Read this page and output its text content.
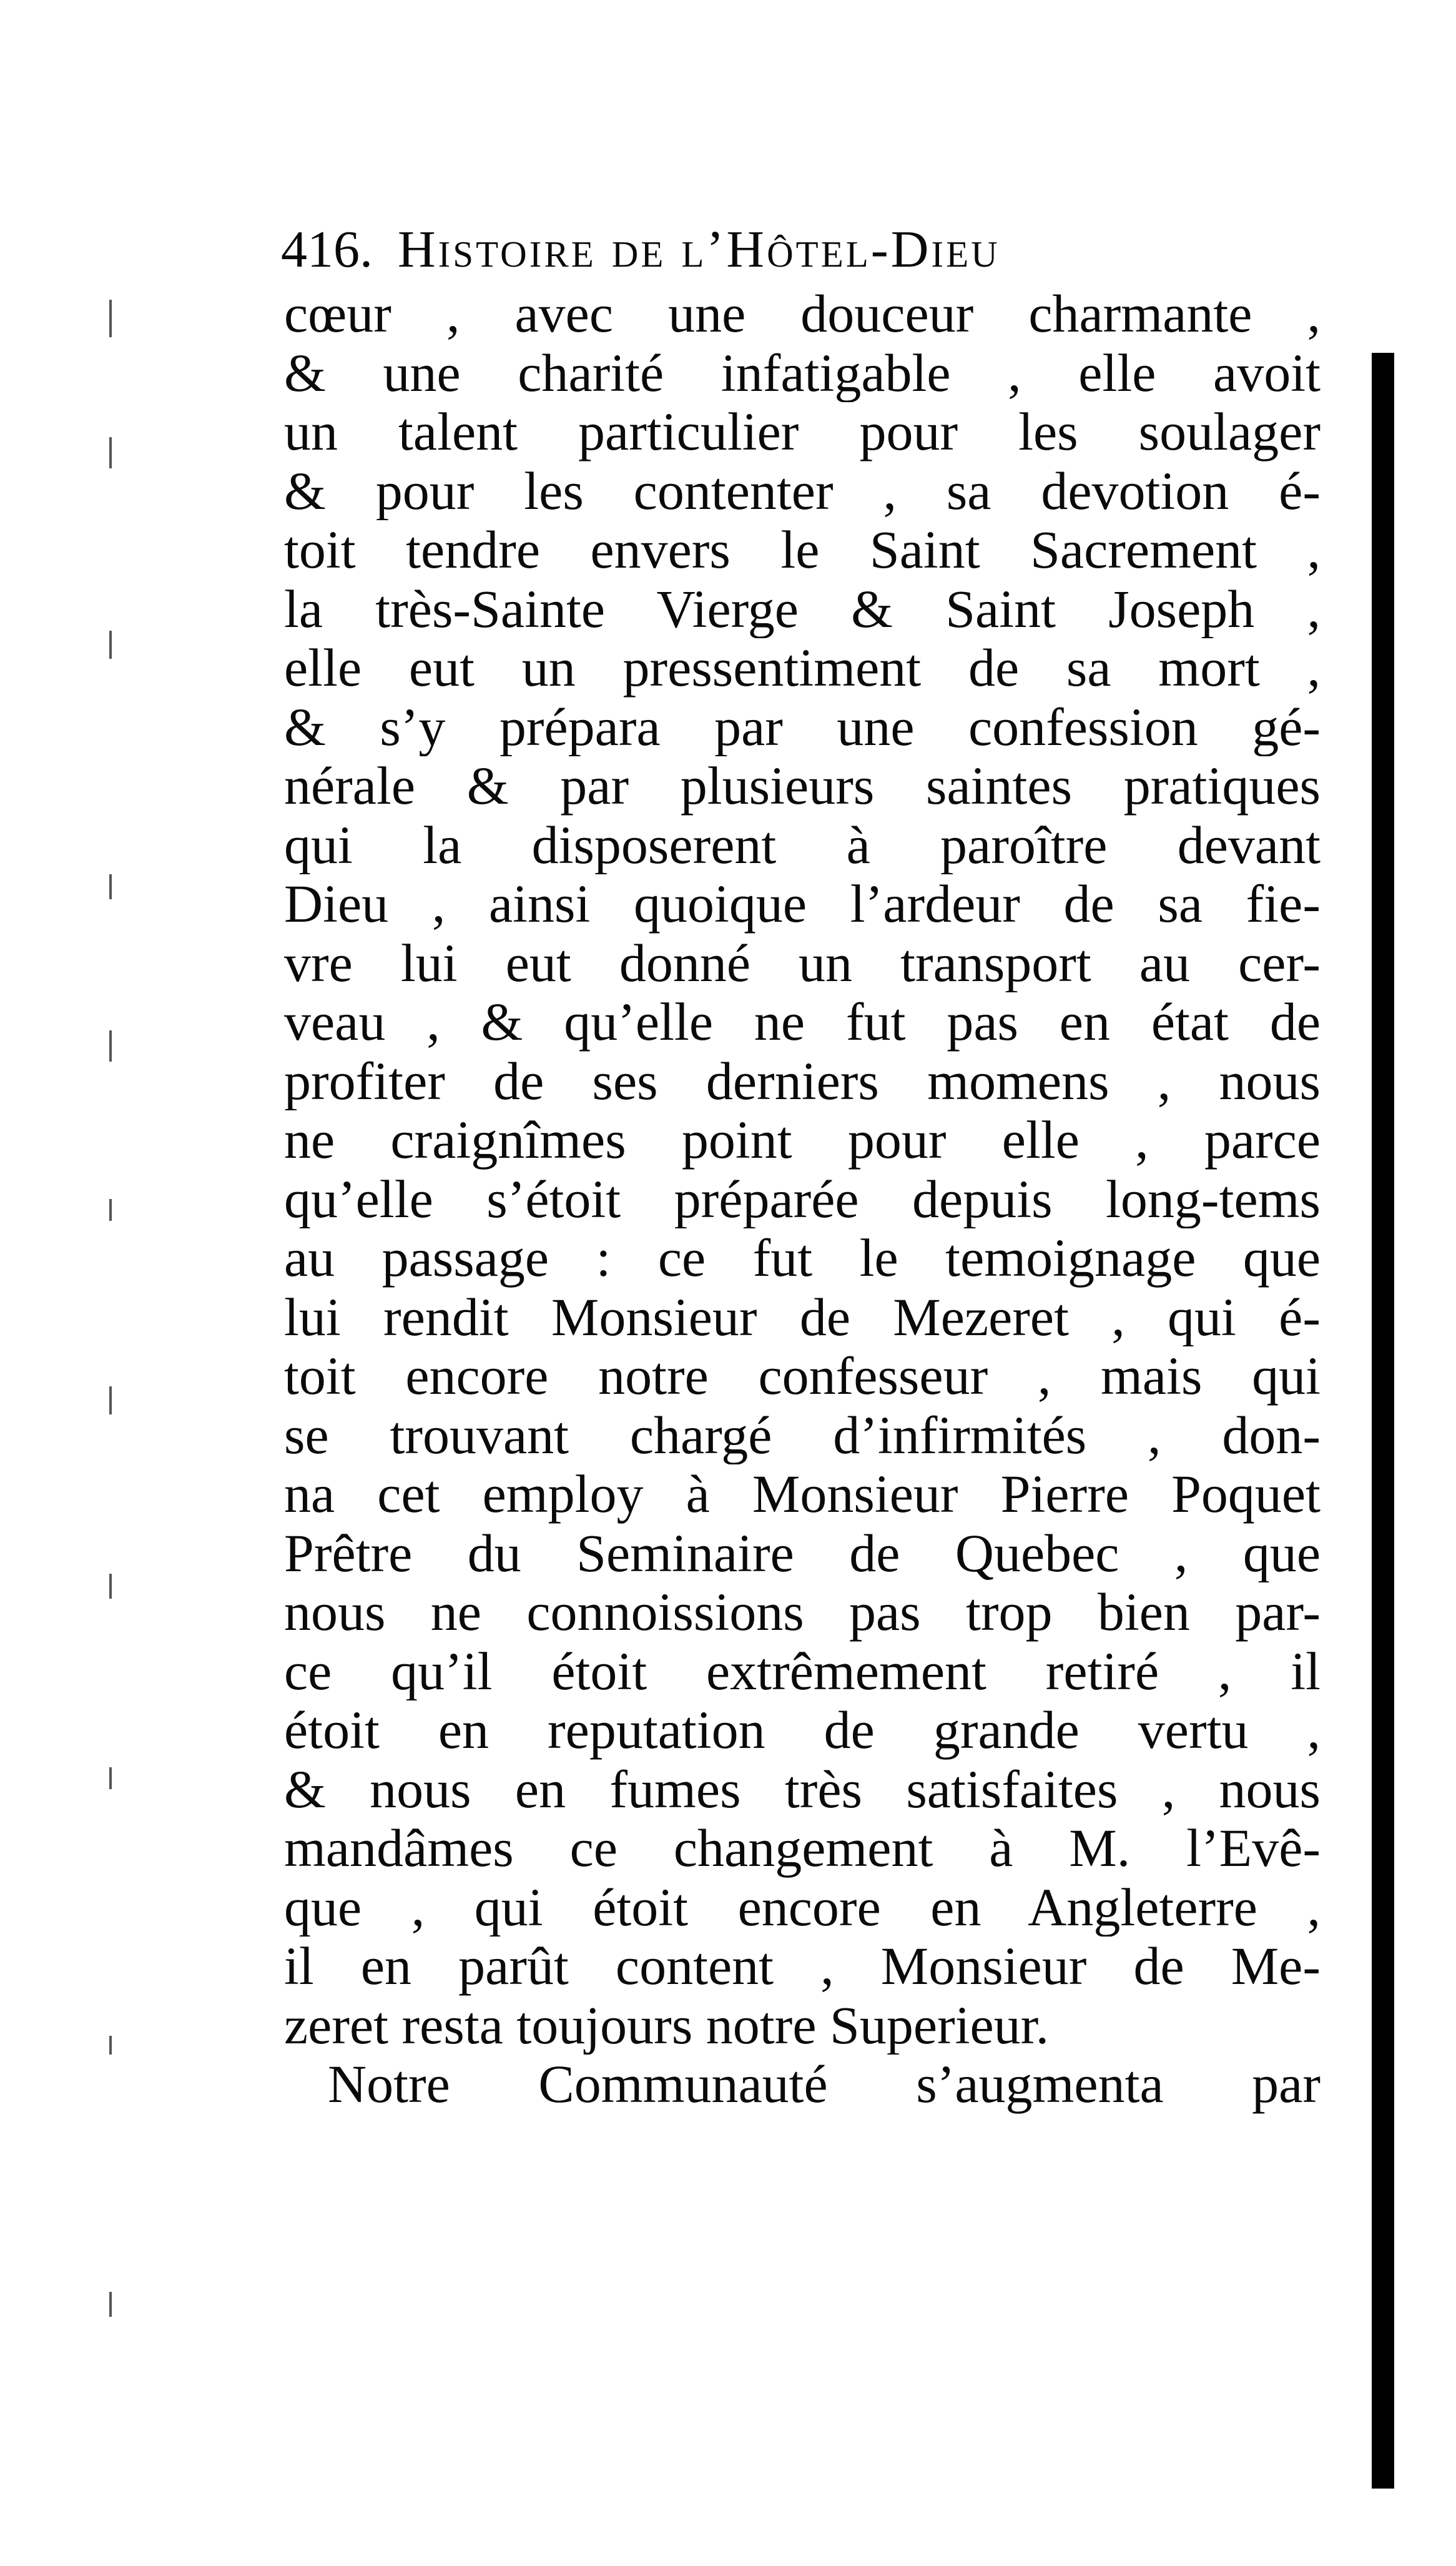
416. Histoire de l’Hôtel-Dieu
cœur , avec une douceur charmante ,
& une charité infatigable , elle avoit
un talent particulier pour les soulager
& pour les contenter , sa devotion é-
toit tendre envers le Saint Sacrement ,
la très-Sainte Vierge & Saint Joseph ,
elle eut un pressentiment de sa mort ,
& s’y prépara par une confession gé-
nérale & par plusieurs saintes pratiques
qui la disposerent à paroître devant
Dieu , ainsi quoique l’ardeur de sa fie-
vre lui eut donné un transport au cer-
veau , & qu’elle ne fut pas en état de
profiter de ses derniers momens , nous
ne craignîmes point pour elle , parce
qu’elle s’étoit préparée depuis long-tems
au passage : ce fut le temoignage que
lui rendit Monsieur de Mezeret , qui é-
toit encore notre confesseur , mais qui
se trouvant chargé d’infirmités , don-
na cet employ à Monsieur Pierre Poquet
Prêtre du Seminaire de Quebec , que
nous ne connoissions pas trop bien par-
ce qu’il étoit extrêmement retiré , il
étoit en reputation de grande vertu ,
& nous en fumes très satisfaites , nous
mandâmes ce changement à M. l’Evê-
que , qui étoit encore en Angleterre ,
il en parût content , Monsieur de Me-
zeret resta toujours notre Superieur.
Notre Communauté s’augmenta par
